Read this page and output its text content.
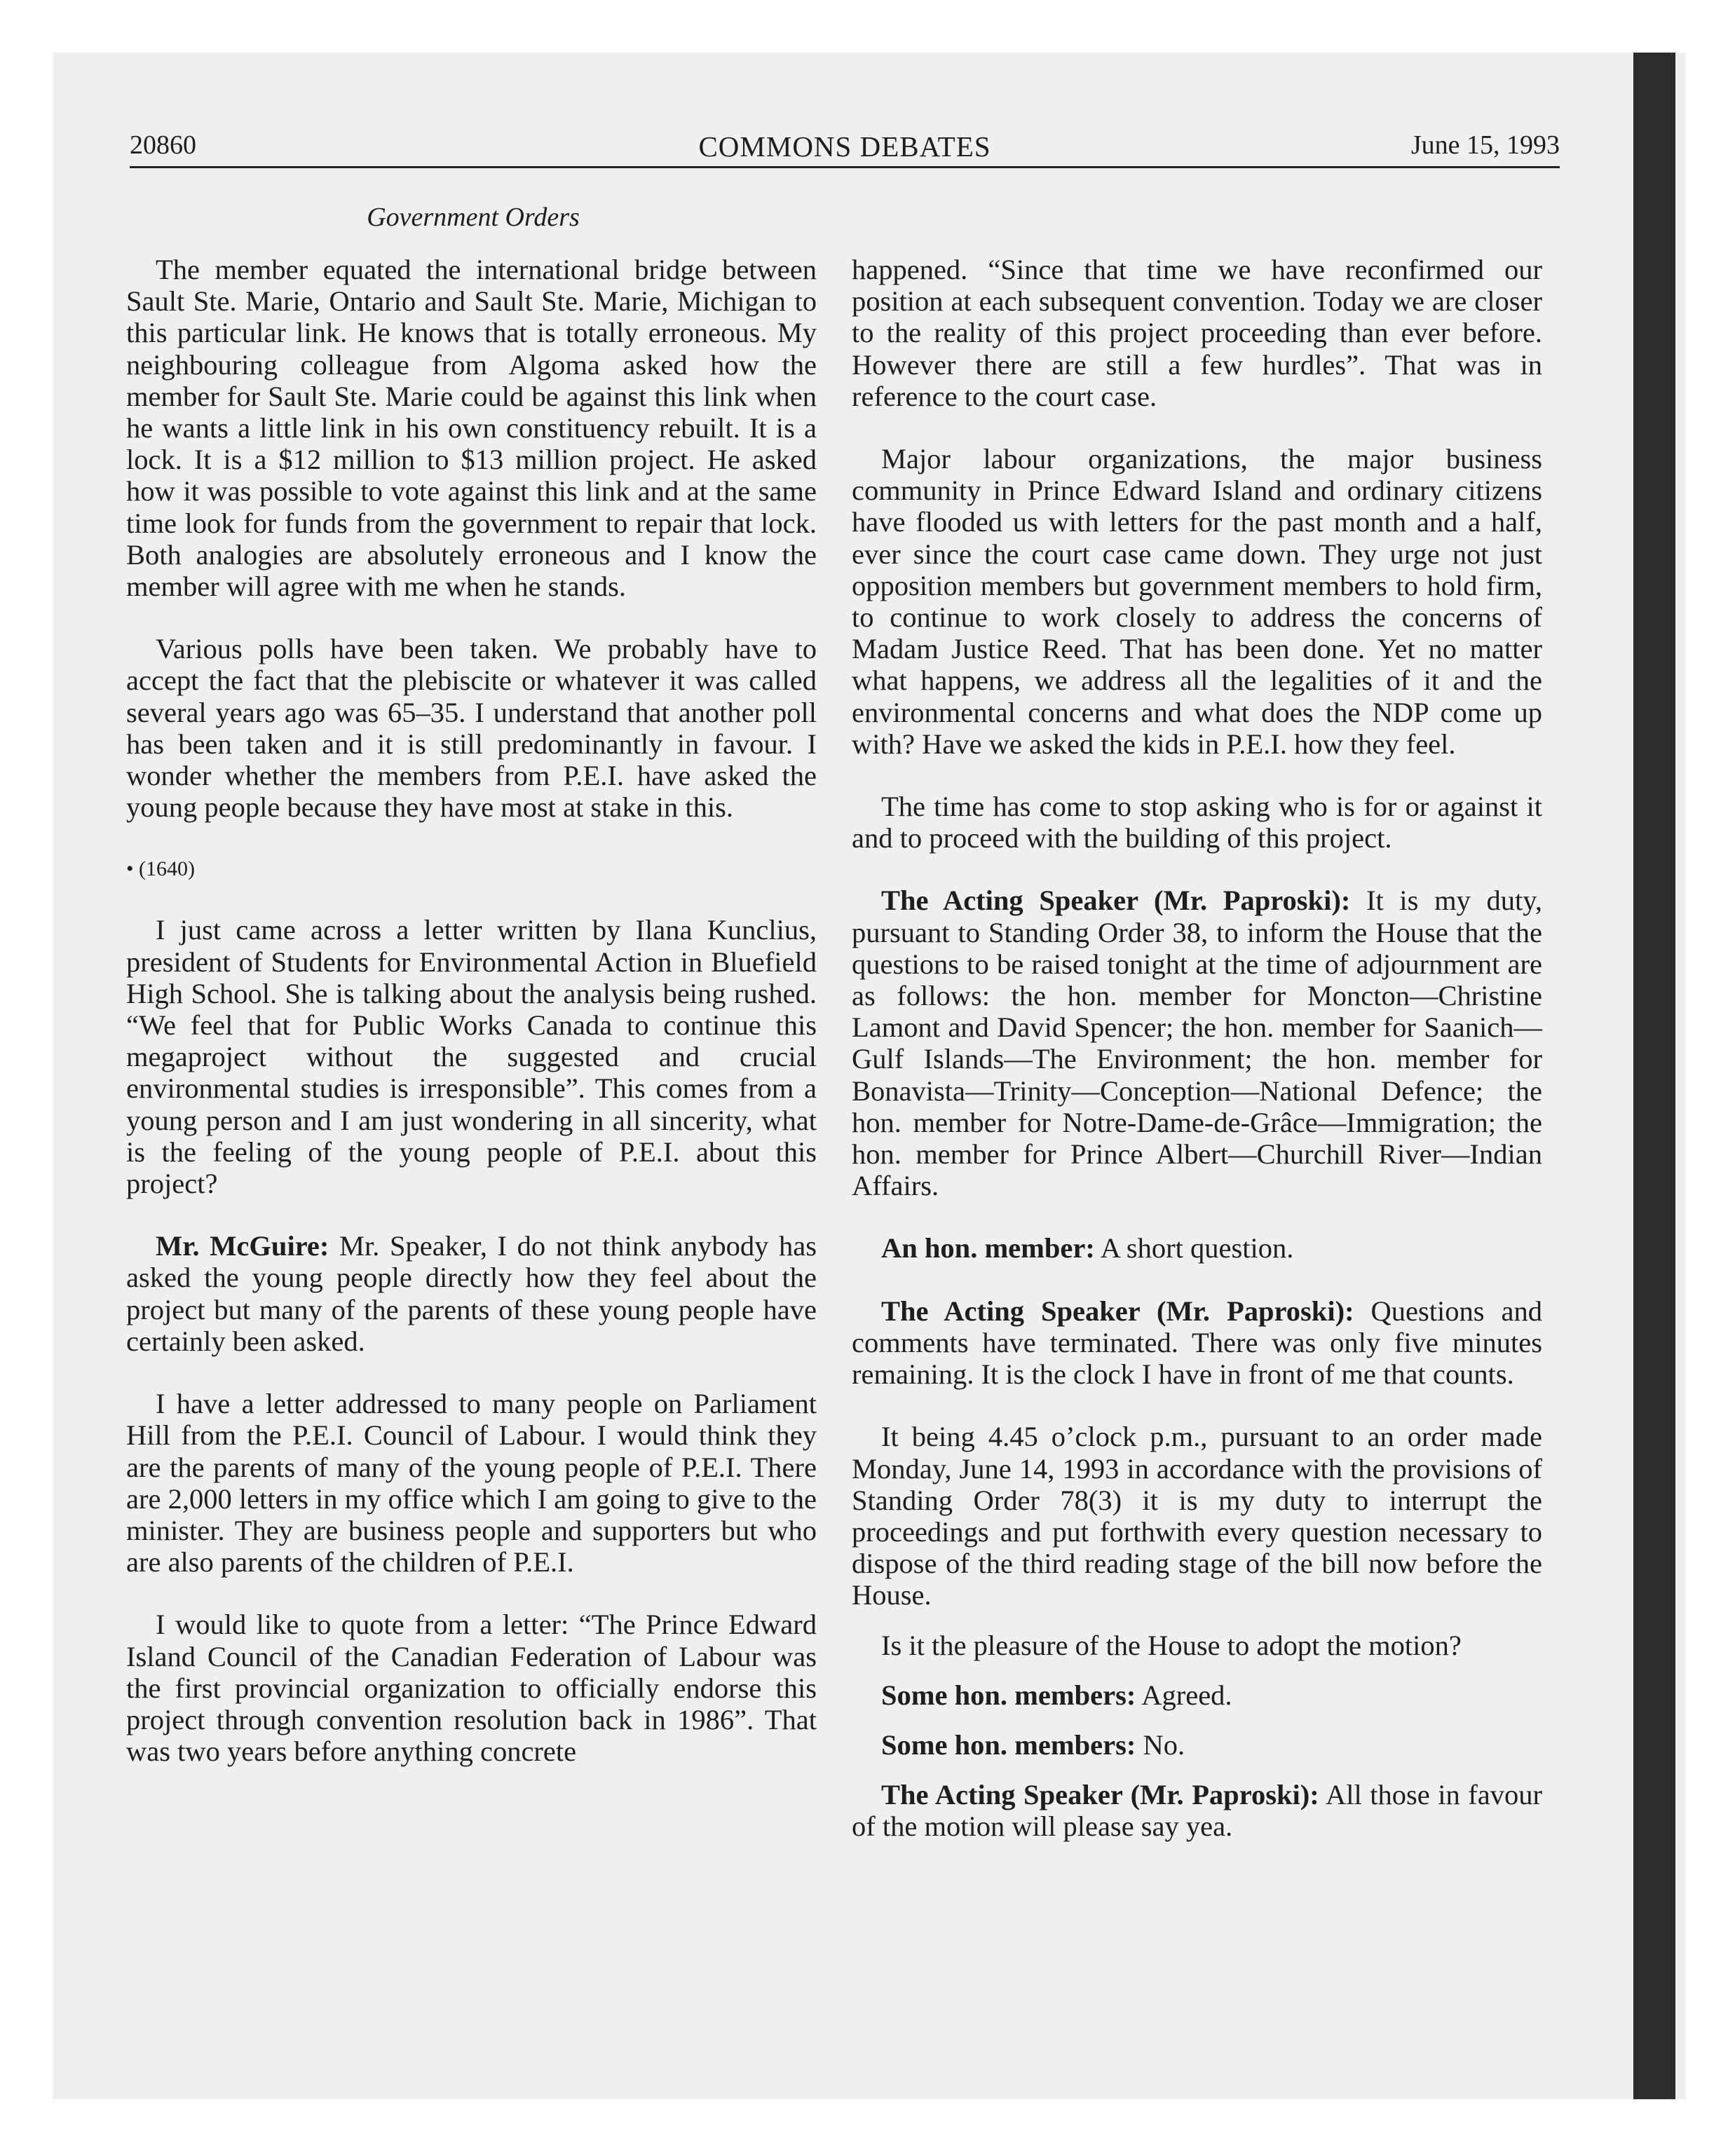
20860	COMMONS DEBATES	June 15, 1993
Government Orders

The member equated the international bridge between Sault Ste. Marie, Ontario and Sault Ste. Marie, Michigan to this particular link. He knows that is totally erroneous. My neighbouring colleague from Algoma asked how the member for Sault Ste. Marie could be against this link when he wants a little link in his own constituency rebuilt. It is a lock. It is a $12 million to $13 million project. He asked how it was possible to vote against this link and at the same time look for funds from the government to repair that lock. Both analogies are absolutely erroneous and I know the member will agree with me when he stands.

Various polls have been taken. We probably have to accept the fact that the plebiscite or whatever it was called several years ago was 65–35. I understand that another poll has been taken and it is still predominantly in favour. I wonder whether the members from P.E.I. have asked the young people because they have most at stake in this.

• (1640)

I just came across a letter written by Ilana Kunclius, president of Students for Environmental Action in Bluefield High School. She is talking about the analysis being rushed. “We feel that for Public Works Canada to continue this megaproject without the suggested and crucial environmental studies is irresponsible”. This comes from a young person and I am just wondering in all sincerity, what is the feeling of the young people of P.E.I. about this project?

Mr. McGuire: Mr. Speaker, I do not think anybody has asked the young people directly how they feel about the project but many of the parents of these young people have certainly been asked.

I have a letter addressed to many people on Parliament Hill from the P.E.I. Council of Labour. I would think they are the parents of many of the young people of P.E.I. There are 2,000 letters in my office which I am going to give to the minister. They are business people and supporters but who are also parents of the children of P.E.I.

I would like to quote from a letter: “The Prince Edward Island Council of the Canadian Federation of Labour was the first provincial organization to officially endorse this project through convention resolution back in 1986”. That was two years before anything concrete

happened. “Since that time we have reconfirmed our position at each subsequent convention. Today we are closer to the reality of this project proceeding than ever before. However there are still a few hurdles”. That was in reference to the court case.

Major labour organizations, the major business community in Prince Edward Island and ordinary citizens have flooded us with letters for the past month and a half, ever since the court case came down. They urge not just opposition members but government members to hold firm, to continue to work closely to address the concerns of Madam Justice Reed. That has been done. Yet no matter what happens, we address all the legalities of it and the environmental concerns and what does the NDP come up with? Have we asked the kids in P.E.I. how they feel.

The time has come to stop asking who is for or against it and to proceed with the building of this project.

The Acting Speaker (Mr. Paproski): It is my duty, pursuant to Standing Order 38, to inform the House that the questions to be raised tonight at the time of adjournment are as follows: the hon. member for Moncton—Christine Lamont and David Spencer; the hon. member for Saanich—Gulf Islands—The Environment; the hon. member for Bonavista—Trinity—Conception—National Defence; the hon. member for Notre-Dame-de-Grâce—Immigration; the hon. member for Prince Albert—Churchill River—Indian Affairs.

An hon. member: A short question.

The Acting Speaker (Mr. Paproski): Questions and comments have terminated. There was only five minutes remaining. It is the clock I have in front of me that counts.

It being 4.45 o’clock p.m., pursuant to an order made Monday, June 14, 1993 in accordance with the provisions of Standing Order 78(3) it is my duty to interrupt the proceedings and put forthwith every question necessary to dispose of the third reading stage of the bill now before the House.

Is it the pleasure of the House to adopt the motion?

Some hon. members: Agreed.

Some hon. members: No.

The Acting Speaker (Mr. Paproski): All those in favour of the motion will please say yea.
